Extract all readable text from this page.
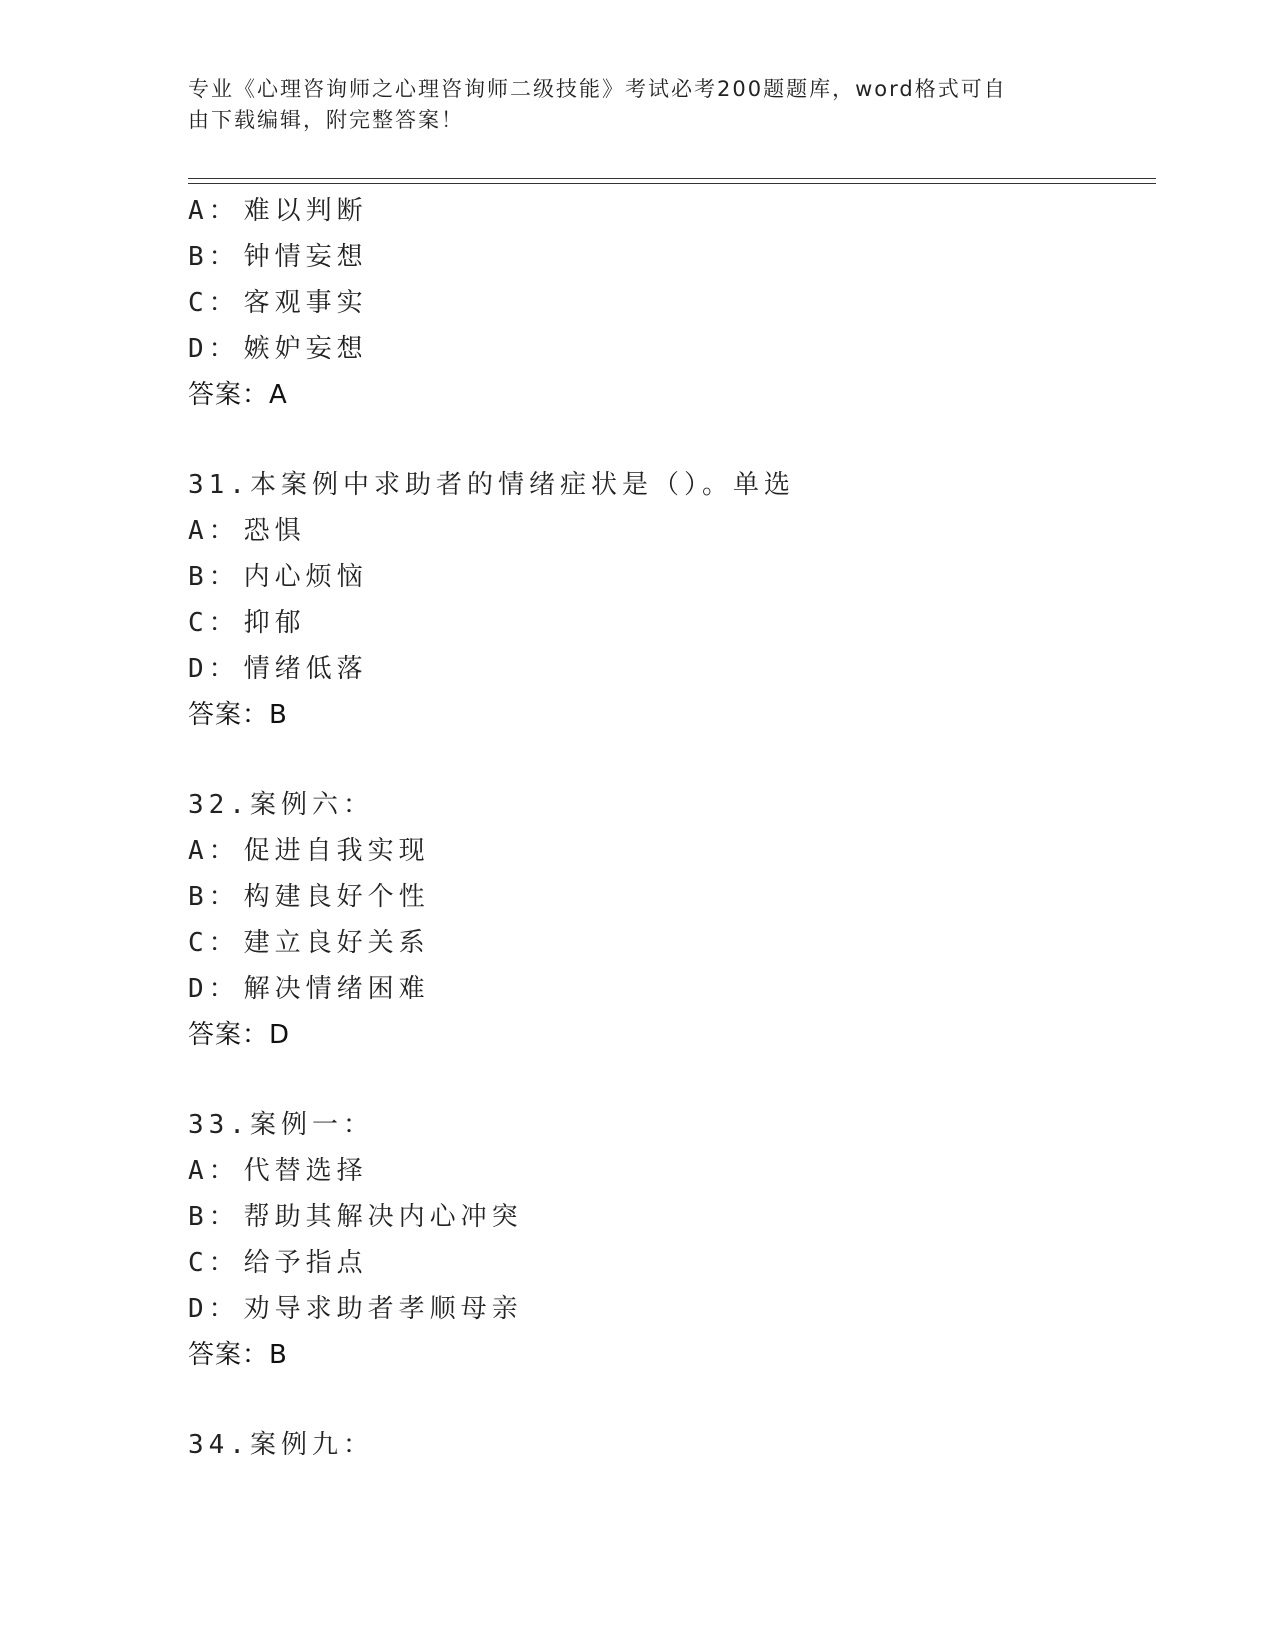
专业《心理咨询师之心理咨询师二级技能》考试必考200题题库，word格式可自
由下载编辑，附完整答案！
A： 难以判断
B： 钟情妄想
C： 客观事实
D： 嫉妒妄想
答案：A
31.本案例中求助者的情绪症状是（）。单选
A： 恐惧
B： 内心烦恼
C： 抑郁
D： 情绪低落
答案：B
32.案例六：
A： 促进自我实现
B： 构建良好个性
C： 建立良好关系
D： 解决情绪困难
答案：D
33.案例一：
A： 代替选择
B： 帮助其解决内心冲突
C： 给予指点
D： 劝导求助者孝顺母亲
答案：B
34.案例九：
